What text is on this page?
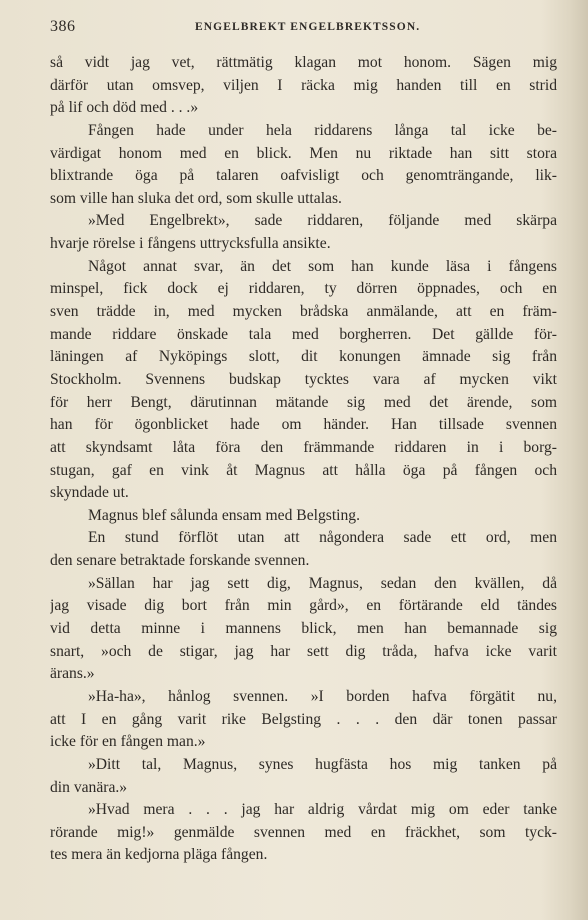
386	ENGELBREKT ENGELBREKTSSON.
så vidt jag vet, rättmätig klagan mot honom. Sägen mig
därför utan omsvep, viljen I räcka mig handen till en strid
på lif och död med . . .»
Fången hade under hela riddarens långa tal icke be-
värdigat honom med en blick. Men nu riktade han sitt stora
blixtrande öga på talaren oafvisligt och genomträngande, lik-
som ville han sluka det ord, som skulle uttalas.
»Med Engelbrekt», sade riddaren, följande med skärpa
hvarje rörelse i fångens uttrycksfulla ansikte.
Något annat svar, än det som han kunde läsa i fångens
minspel, fick dock ej riddaren, ty dörren öppnades, och en
sven trädde in, med mycken brådska anmälande, att en främ-
mande riddare önskade tala med borgherren. Det gällde för-
läningen af Nyköpings slott, dit konungen ämnade sig från
Stockholm. Svennens budskap tycktes vara af mycken vikt
för herr Bengt, därutinnan mätande sig med det ärende, som
han för ögonblicket hade om händer. Han tillsade svennen
att skyndsamt låta föra den främmande riddaren in i borg-
stugan, gaf en vink åt Magnus att hålla öga på fången och
skyndade ut.
Magnus blef sålunda ensam med Belgsting.
En stund förflöt utan att någondera sade ett ord, men
den senare betraktade forskande svennen.
»Sällan har jag sett dig, Magnus, sedan den kvällen, då
jag visade dig bort från min gård», en förtärande eld tändes
vid detta minne i mannens blick, men han bemannade sig
snart, »och de stigar, jag har sett dig tråda, hafva icke varit
ärans.»
»Ha-ha», hånlog svennen. »I borden hafva förgätit nu,
att I en gång varit rike Belgsting . . . den där tonen passar
icke för en fången man.»
»Ditt tal, Magnus, synes hugfästa hos mig tanken på
din vanära.»
»Hvad mera . . . jag har aldrig vårdat mig om eder tanke
rörande mig!» genmälde svennen med en fräckhet, som tyck-
tes mera än kedjorna pläga fången.
